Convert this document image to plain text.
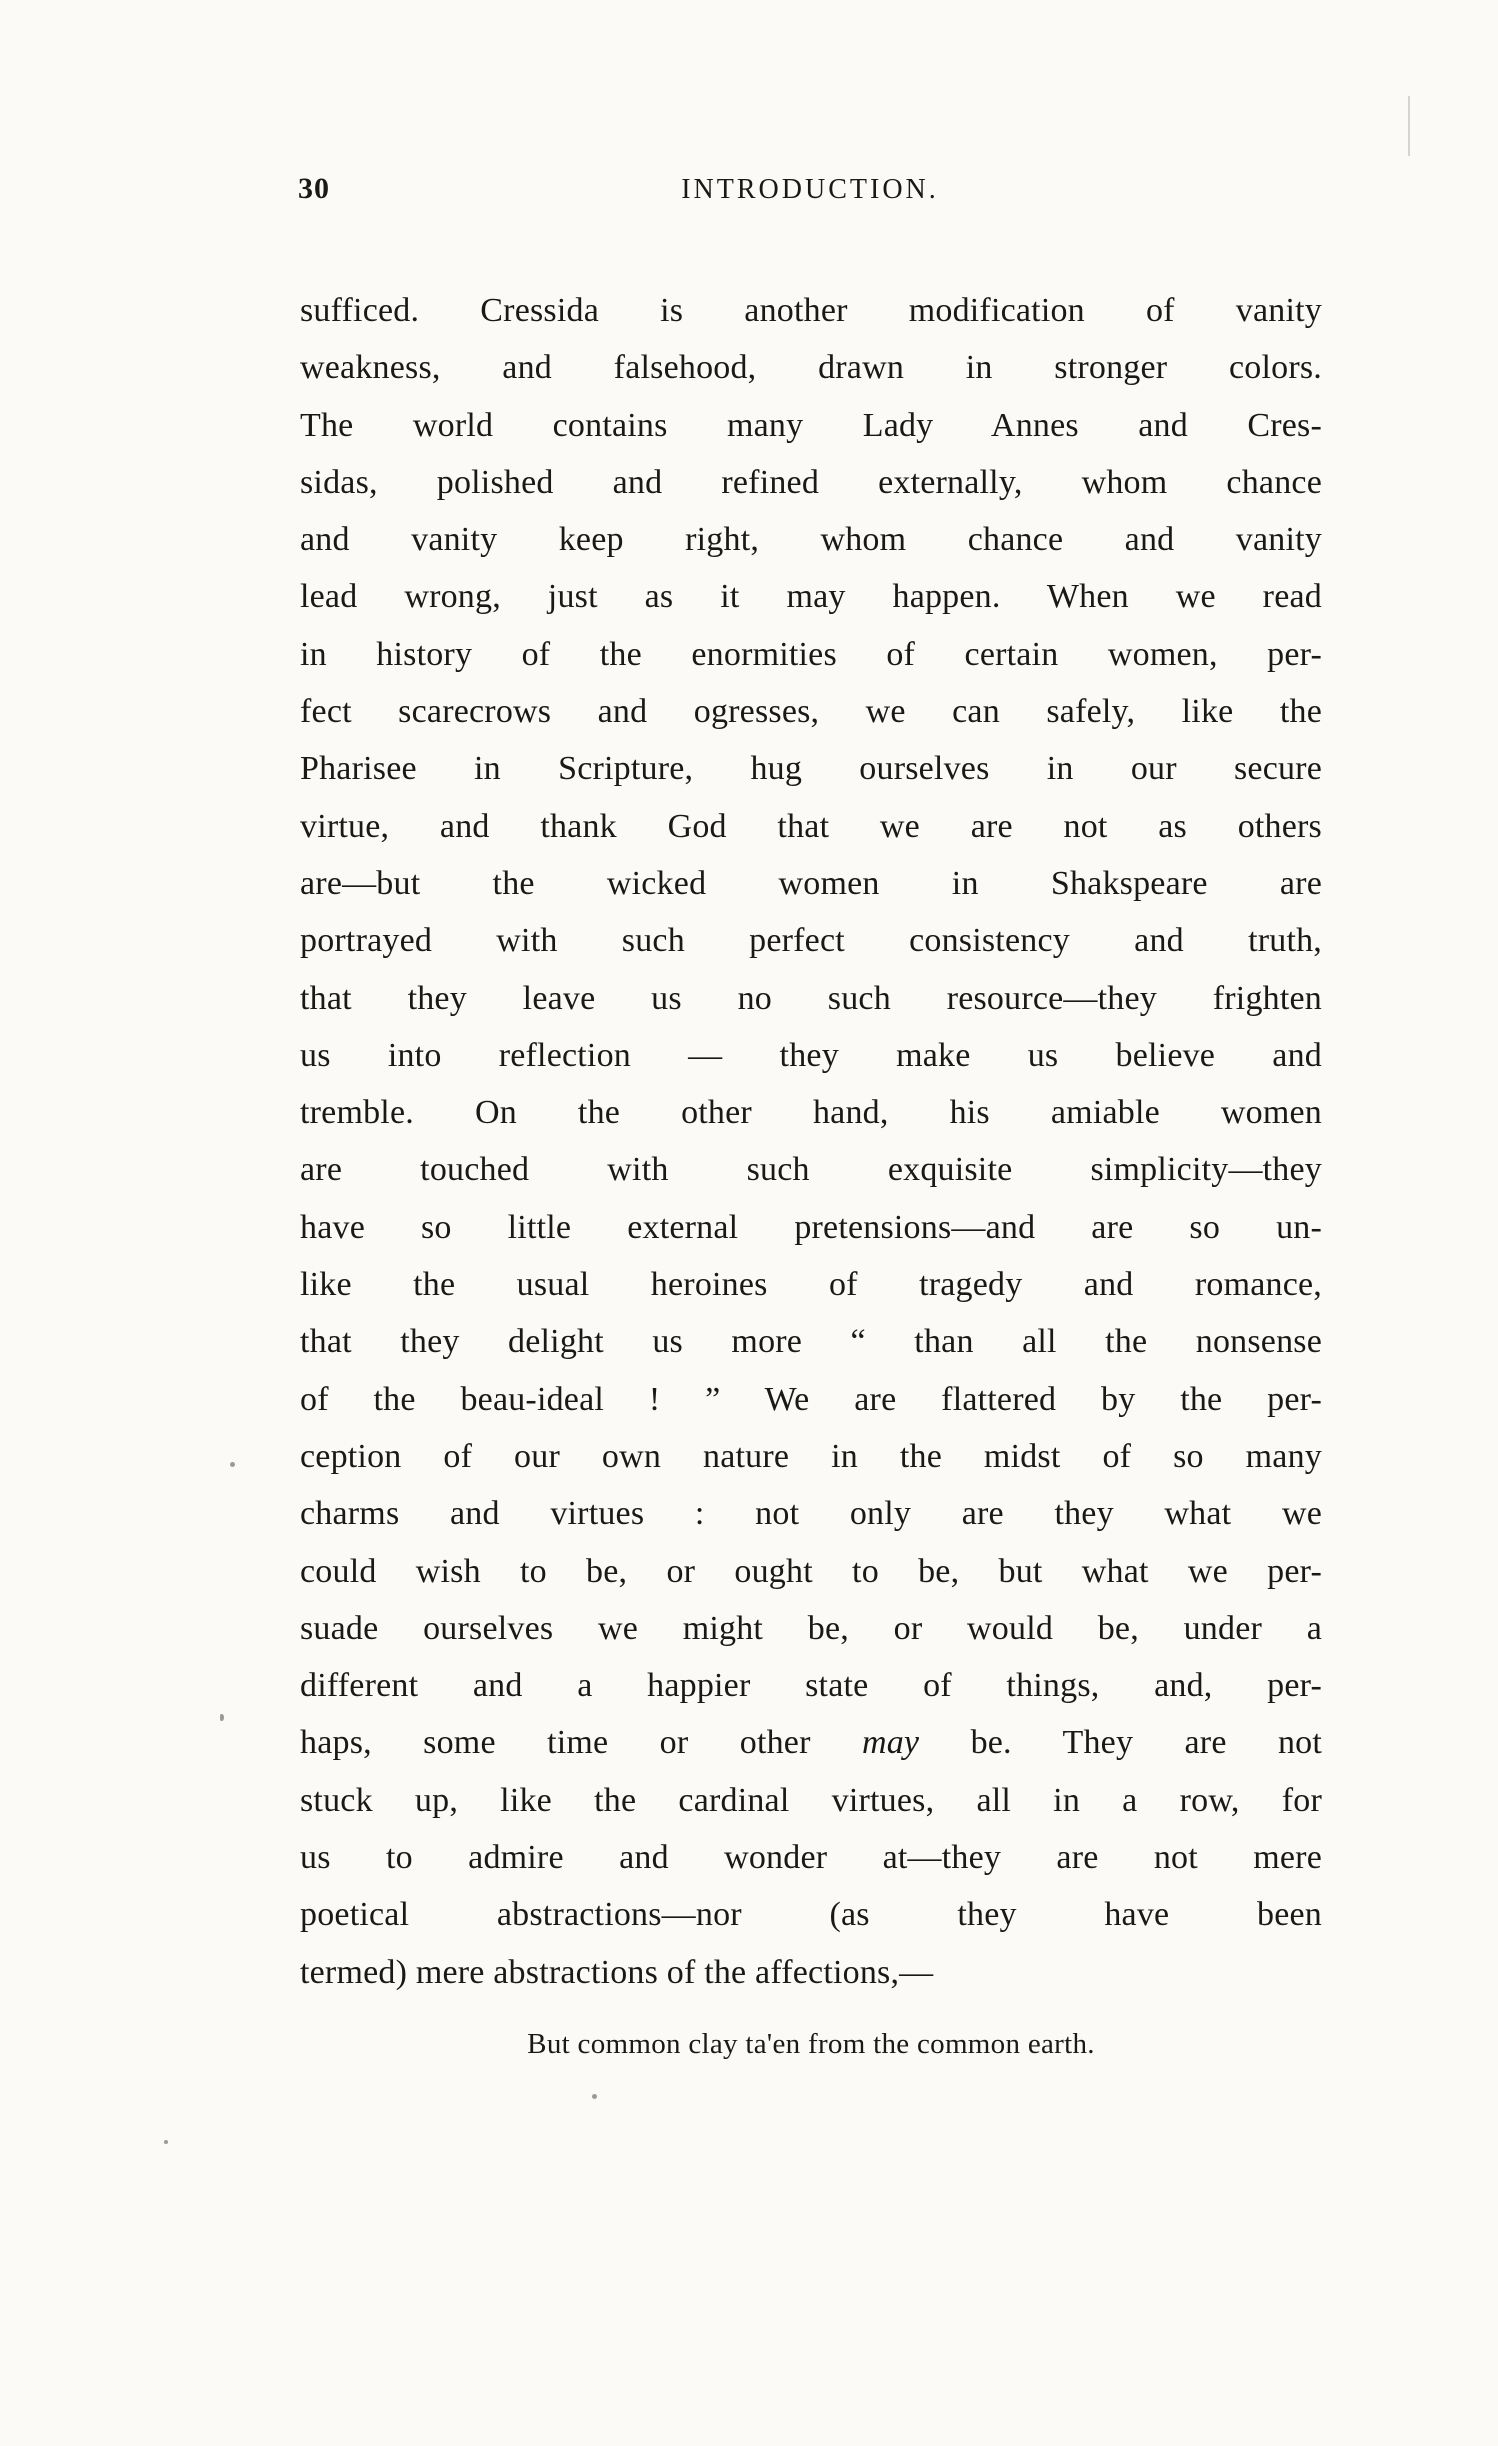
30	INTRODUCTION.
sufficed. Cressida is another modification of vanity
weakness, and falsehood, drawn in stronger colors.
The world contains many Lady Annes and Cres-
sidas, polished and refined externally, whom chance
and vanity keep right, whom chance and vanity
lead wrong, just as it may happen. When we read
in history of the enormities of certain women, per-
fect scarecrows and ogresses, we can safely, like the
Pharisee in Scripture, hug ourselves in our secure
virtue, and thank God that we are not as others
are—but the wicked women in Shakspeare are
portrayed with such perfect consistency and truth,
that they leave us no such resource—they frighten
us into reflection — they make us believe and
tremble. On the other hand, his amiable women
are touched with such exquisite simplicity—they
have so little external pretensions—and are so un-
like the usual heroines of tragedy and romance,
that they delight us more “ than all the nonsense
of the beau-ideal ! ” We are flattered by the per-
ception of our own nature in the midst of so many
charms and virtues : not only are they what we
could wish to be, or ought to be, but what we per-
suade ourselves we might be, or would be, under a
different and a happier state of things, and, per-
haps, some time or other may be. They are not
stuck up, like the cardinal virtues, all in a row, for
us to admire and wonder at—they are not mere
poetical abstractions—nor (as they have been
termed) mere abstractions of the affections,—
But common clay ta'en from the common earth.
